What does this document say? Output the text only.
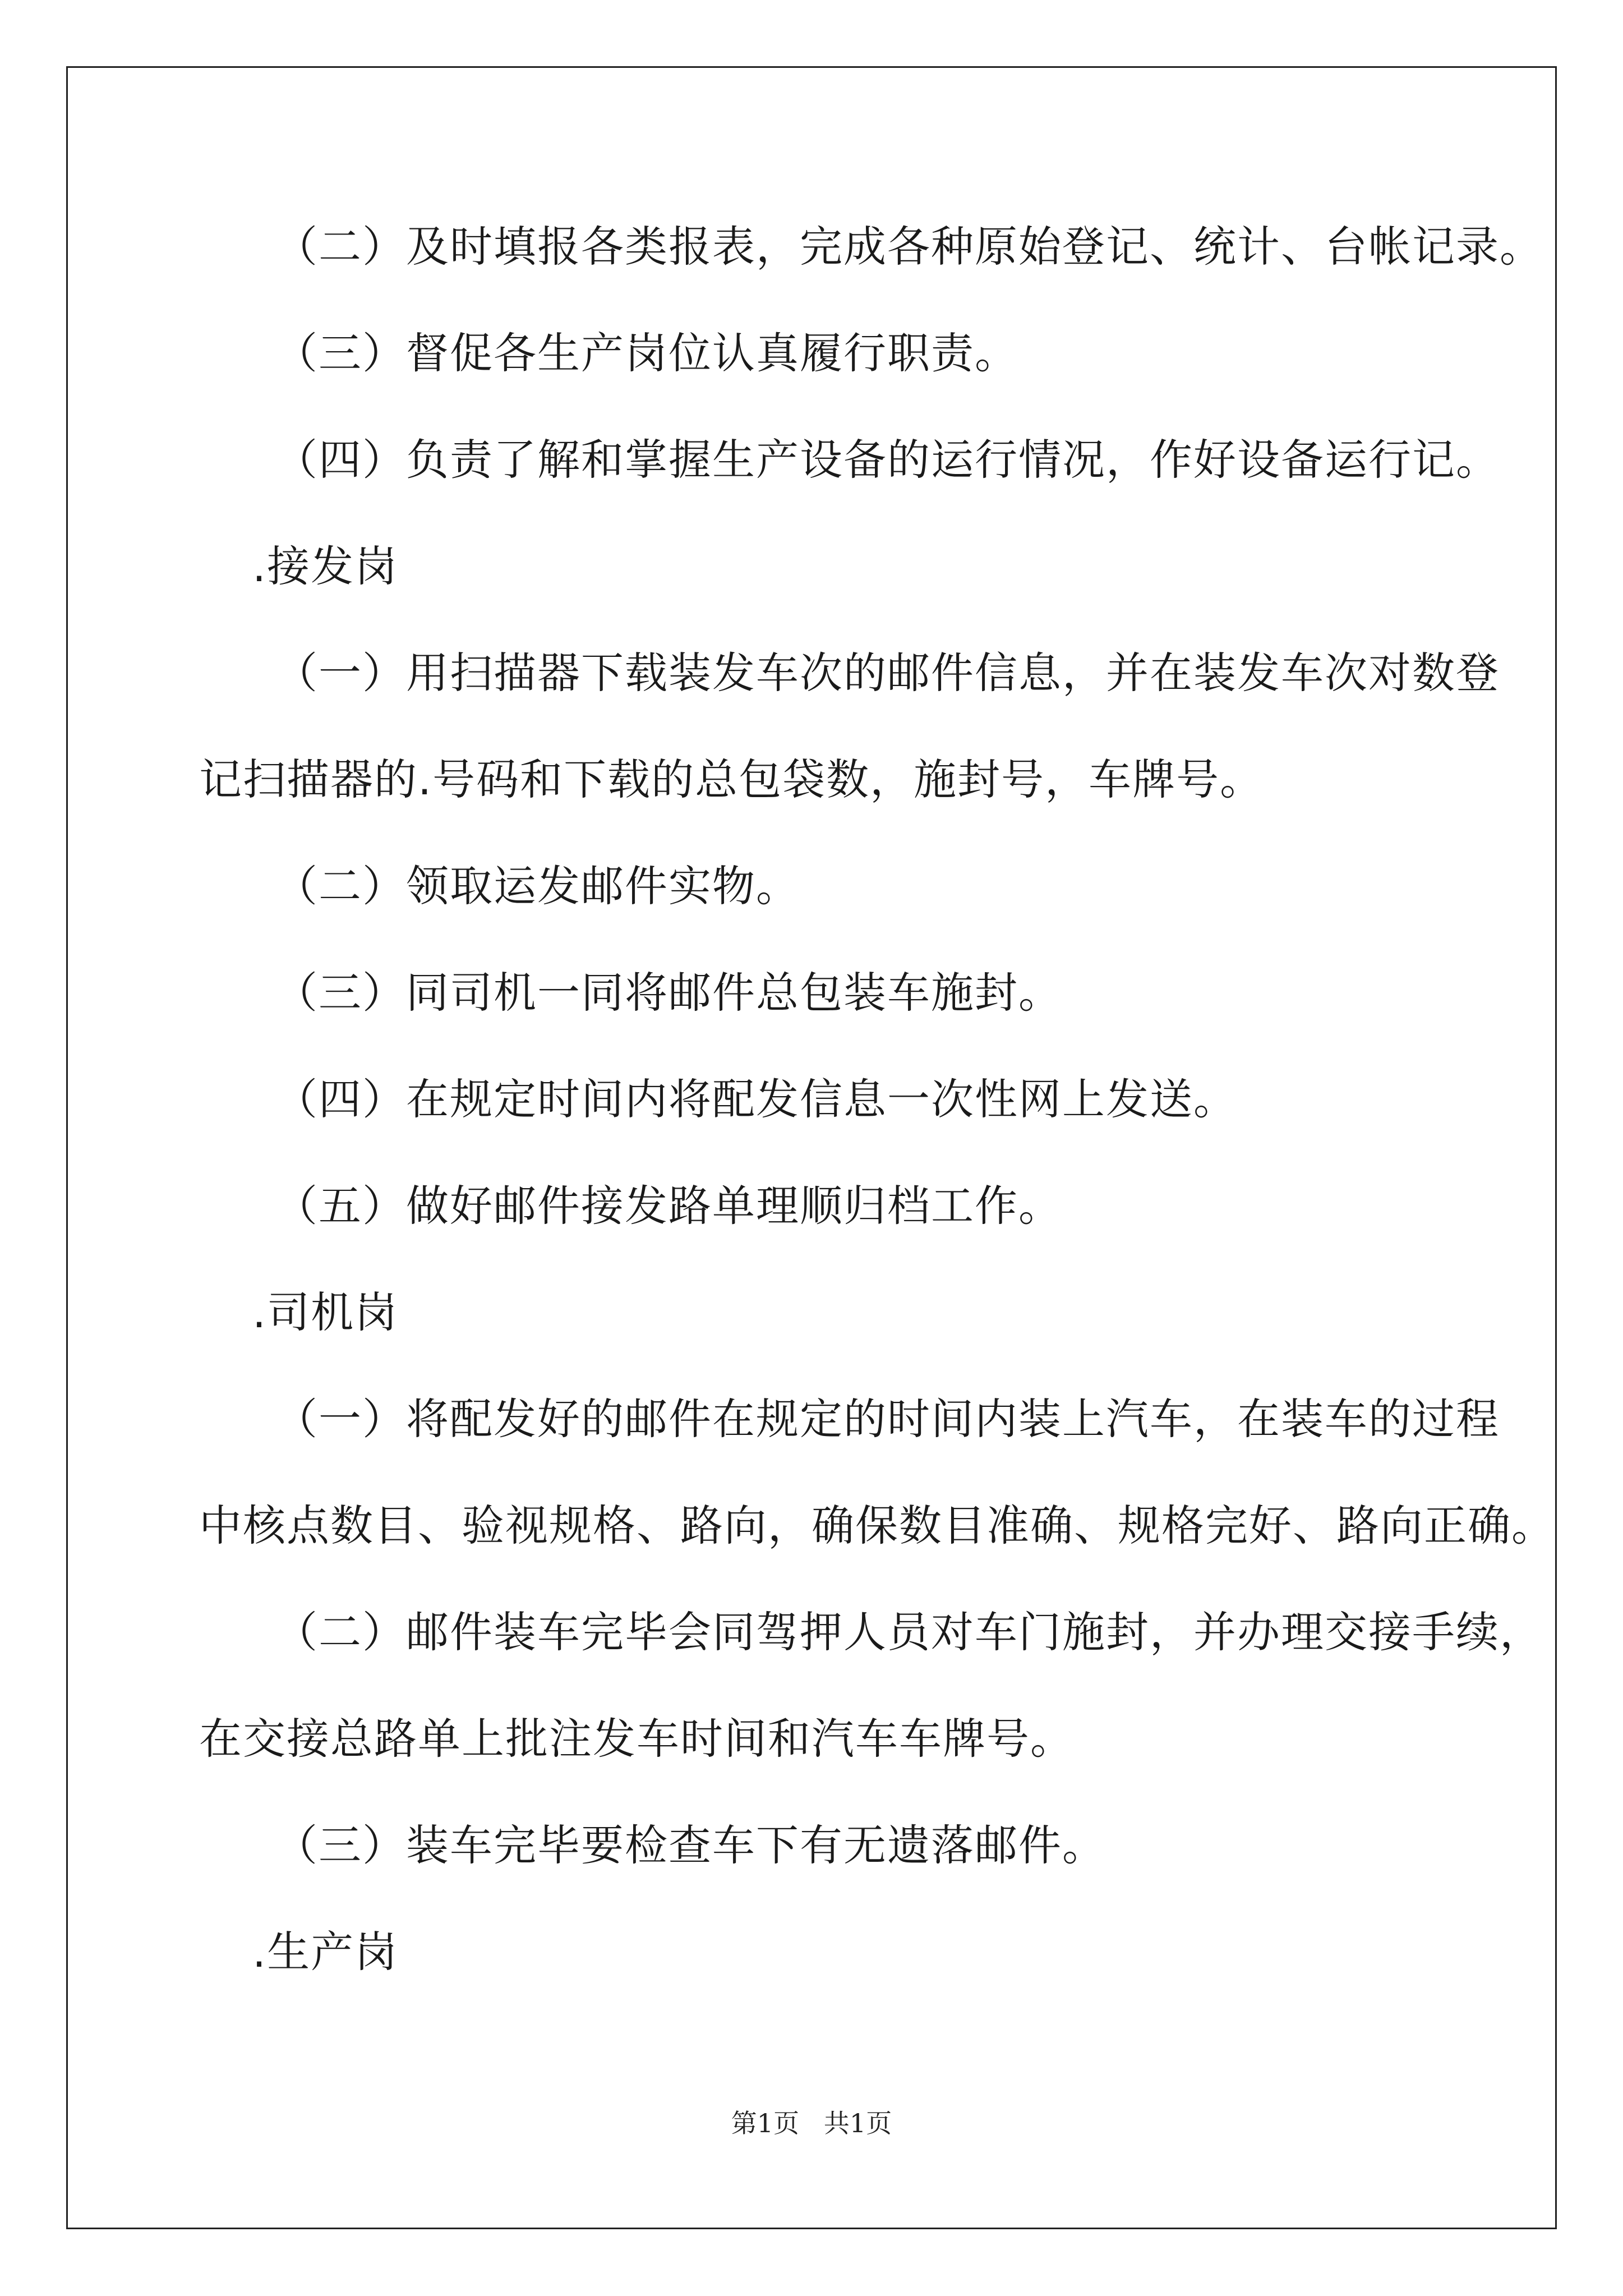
（二）及时填报各类报表，完成各种原始登记、统计、台帐记录。
（三）督促各生产岗位认真履行职责。
（四）负责了解和掌握生产设备的运行情况，作好设备运行记。
.接发岗
（一）用扫描器下载装发车次的邮件信息，并在装发车次对数登
记扫描器的.号码和下载的总包袋数，施封号，车牌号。
（二）领取运发邮件实物。
（三）同司机一同将邮件总包装车施封。
（四）在规定时间内将配发信息一次性网上发送。
（五）做好邮件接发路单理顺归档工作。
.司机岗
（一）将配发好的邮件在规定的时间内装上汽车，在装车的过程
中核点数目、验视规格、路向，确保数目准确、规格完好、路向正确。
（二）邮件装车完毕会同驾押人员对车门施封，并办理交接手续，
在交接总路单上批注发车时间和汽车车牌号。
（三）装车完毕要检查车下有无遗落邮件。
.生产岗
第1页   共1页
